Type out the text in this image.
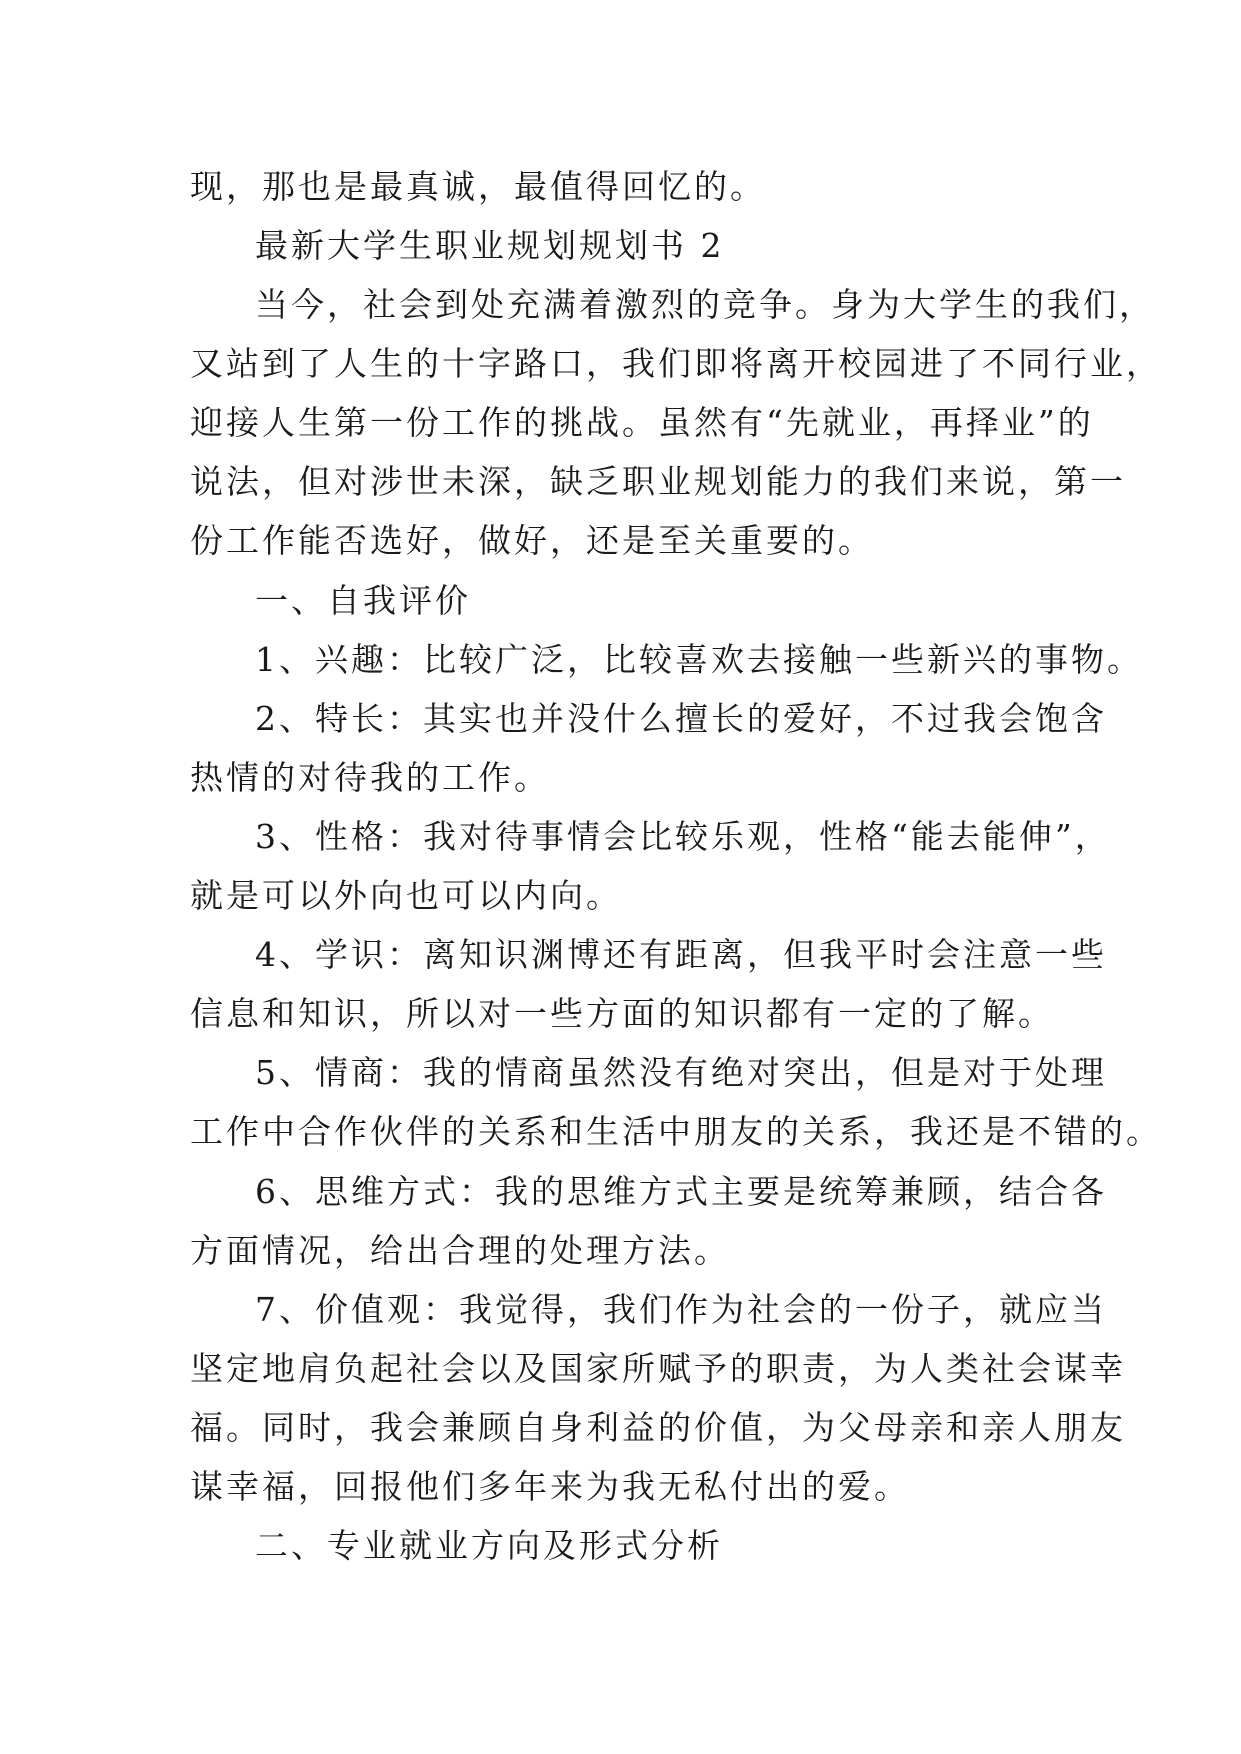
现，那也是最真诚，最值得回忆的。
最新大学生职业规划规划书 2
当今，社会到处充满着激烈的竞争。身为大学生的我们，
又站到了人生的十字路口，我们即将离开校园进了不同行业，
迎接人生第一份工作的挑战。虽然有“先就业，再择业”的
说法，但对涉世未深，缺乏职业规划能力的我们来说，第一
份工作能否选好，做好，还是至关重要的。
一、自我评价
1、兴趣：比较广泛，比较喜欢去接触一些新兴的事物。
2、特长：其实也并没什么擅长的爱好，不过我会饱含
热情的对待我的工作。
3、性格：我对待事情会比较乐观，性格“能去能伸”，
就是可以外向也可以内向。
4、学识：离知识渊博还有距离，但我平时会注意一些
信息和知识，所以对一些方面的知识都有一定的了解。
5、情商：我的情商虽然没有绝对突出，但是对于处理
工作中合作伙伴的关系和生活中朋友的关系，我还是不错的。
6、思维方式：我的思维方式主要是统筹兼顾，结合各
方面情况，给出合理的处理方法。
7、价值观：我觉得，我们作为社会的一份子，就应当
坚定地肩负起社会以及国家所赋予的职责，为人类社会谋幸
福。同时，我会兼顾自身利益的价值，为父母亲和亲人朋友
谋幸福，回报他们多年来为我无私付出的爱。
二、专业就业方向及形式分析
